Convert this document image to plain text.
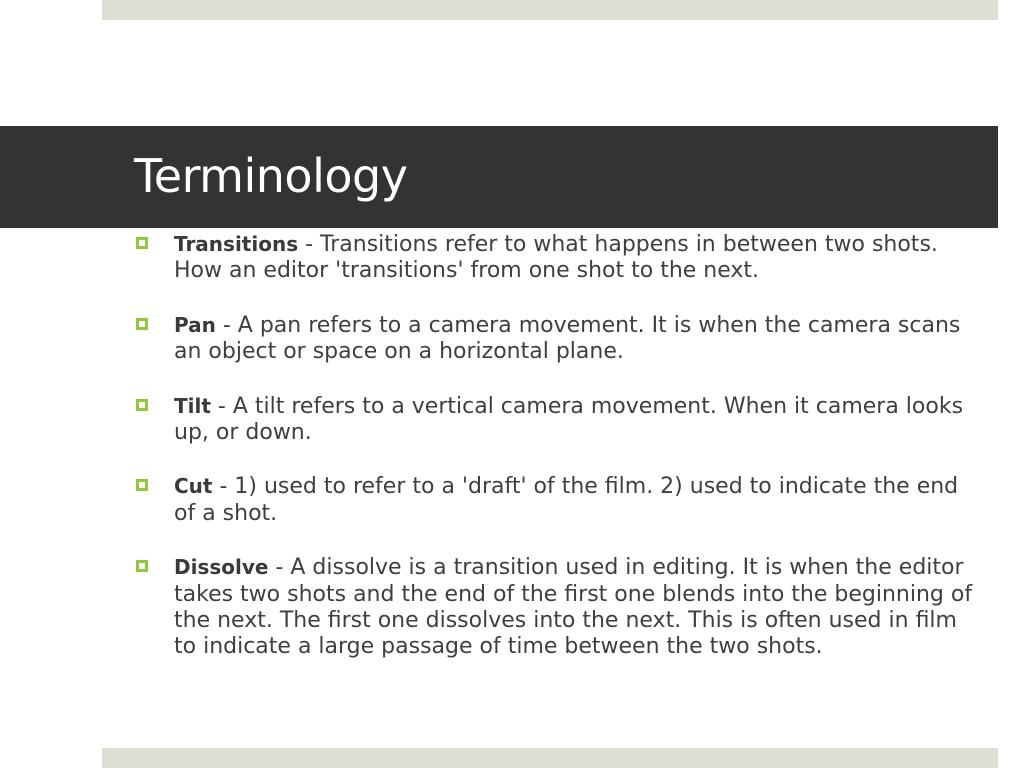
Terminology
Transitions - Transitions refer to what happens in between two shots. How an editor 'transitions' from one shot to the next.
Pan - A pan refers to a camera movement. It is when the camera scans an object or space on a horizontal plane.
Tilt - A tilt refers to a vertical camera movement. When it camera looks up, or down.
Cut - 1) used to refer to a 'draft' of the film. 2) used to indicate the end of a shot.
Dissolve - A dissolve is a transition used in editing. It is when the editor takes two shots and the end of the first one blends into the beginning of the next. The first one dissolves into the next. This is often used in film to indicate a large passage of time between the two shots.
